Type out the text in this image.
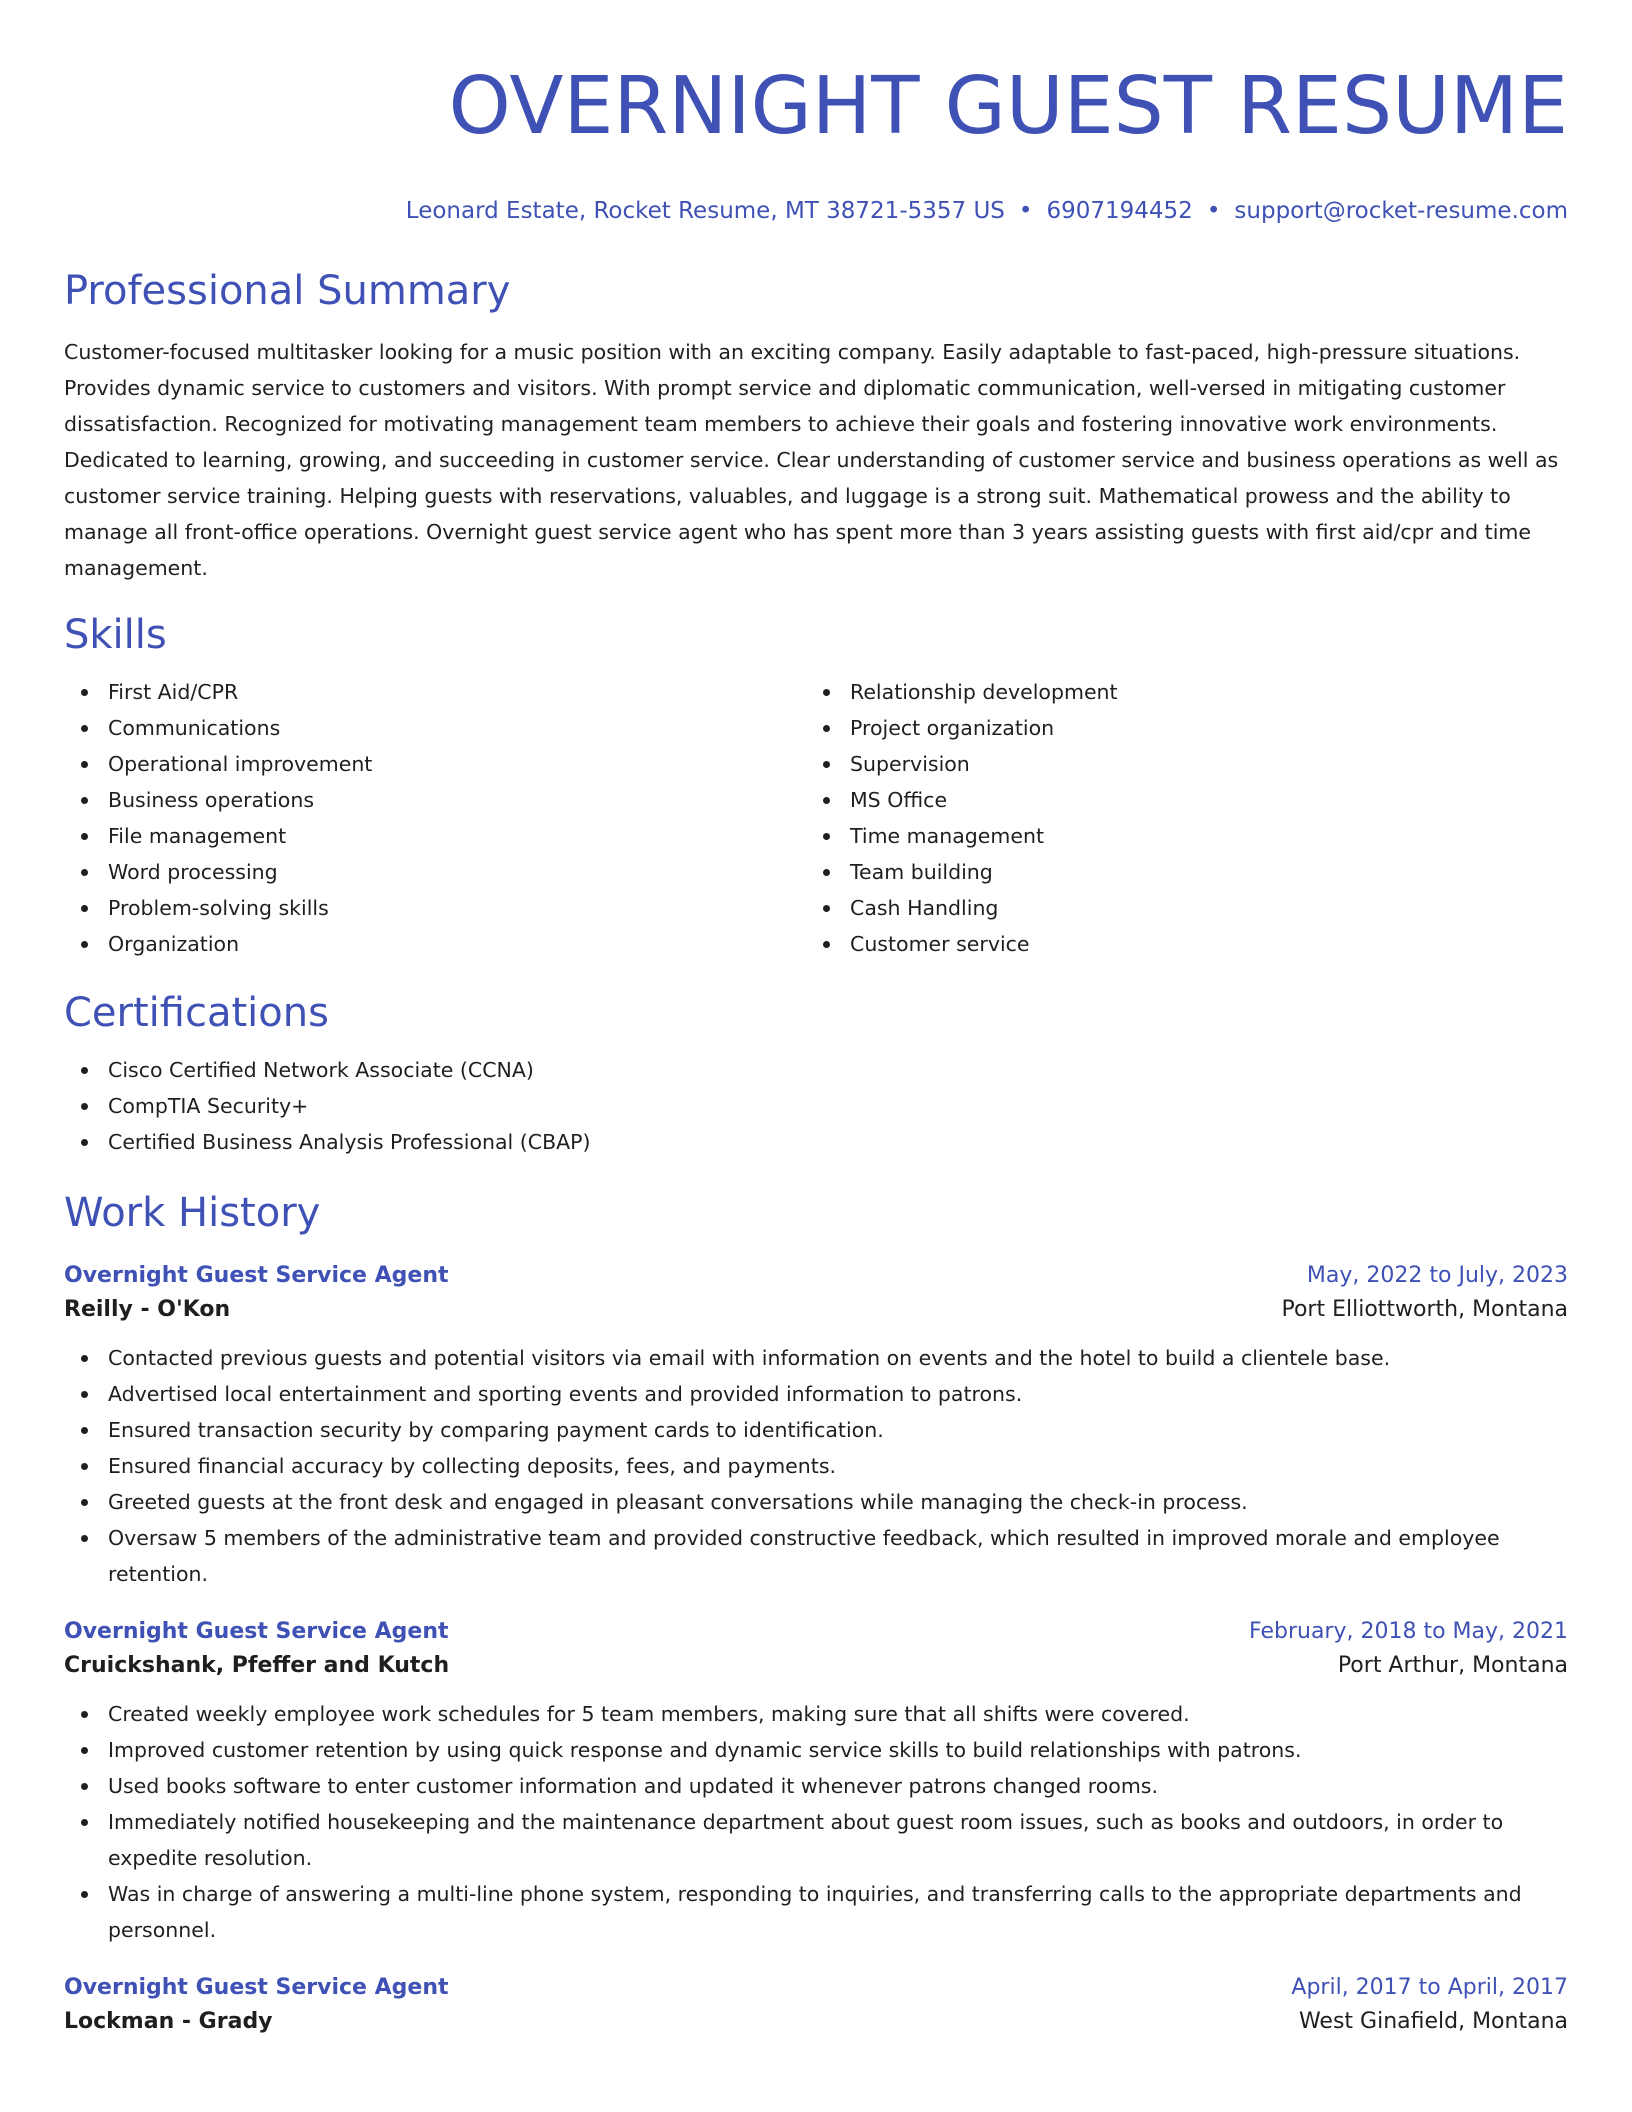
OVERNIGHT GUEST RESUME
Leonard Estate, Rocket Resume, MT 38721-5357 US • 6907194452 • support@rocket-resume.com
Professional Summary
Customer-focused multitasker looking for a music position with an exciting company. Easily adaptable to fast-paced, high-pressure situations. Provides dynamic service to customers and visitors. With prompt service and diplomatic communication, well-versed in mitigating customer dissatisfaction. Recognized for motivating management team members to achieve their goals and fostering innovative work environments. Dedicated to learning, growing, and succeeding in customer service. Clear understanding of customer service and business operations as well as customer service training. Helping guests with reservations, valuables, and luggage is a strong suit. Mathematical prowess and the ability to manage all front-office operations. Overnight guest service agent who has spent more than 3 years assisting guests with first aid/cpr and time management.
Skills
First Aid/CPR
Communications
Operational improvement
Business operations
File management
Word processing
Problem-solving skills
Organization
Relationship development
Project organization
Supervision
MS Office
Time management
Team building
Cash Handling
Customer service
Certifications
Cisco Certified Network Associate (CCNA)
CompTIA Security+
Certified Business Analysis Professional (CBAP)
Work History
Overnight Guest Service Agent	May, 2022 to July, 2023
Reilly - O'Kon	Port Elliottworth, Montana
Contacted previous guests and potential visitors via email with information on events and the hotel to build a clientele base.
Advertised local entertainment and sporting events and provided information to patrons.
Ensured transaction security by comparing payment cards to identification.
Ensured financial accuracy by collecting deposits, fees, and payments.
Greeted guests at the front desk and engaged in pleasant conversations while managing the check-in process.
Oversaw 5 members of the administrative team and provided constructive feedback, which resulted in improved morale and employee retention.
Overnight Guest Service Agent	February, 2018 to May, 2021
Cruickshank, Pfeffer and Kutch	Port Arthur, Montana
Created weekly employee work schedules for 5 team members, making sure that all shifts were covered.
Improved customer retention by using quick response and dynamic service skills to build relationships with patrons.
Used books software to enter customer information and updated it whenever patrons changed rooms.
Immediately notified housekeeping and the maintenance department about guest room issues, such as books and outdoors, in order to expedite resolution.
Was in charge of answering a multi-line phone system, responding to inquiries, and transferring calls to the appropriate departments and personnel.
Overnight Guest Service Agent	April, 2017 to April, 2017
Lockman - Grady	West Ginafield, Montana
